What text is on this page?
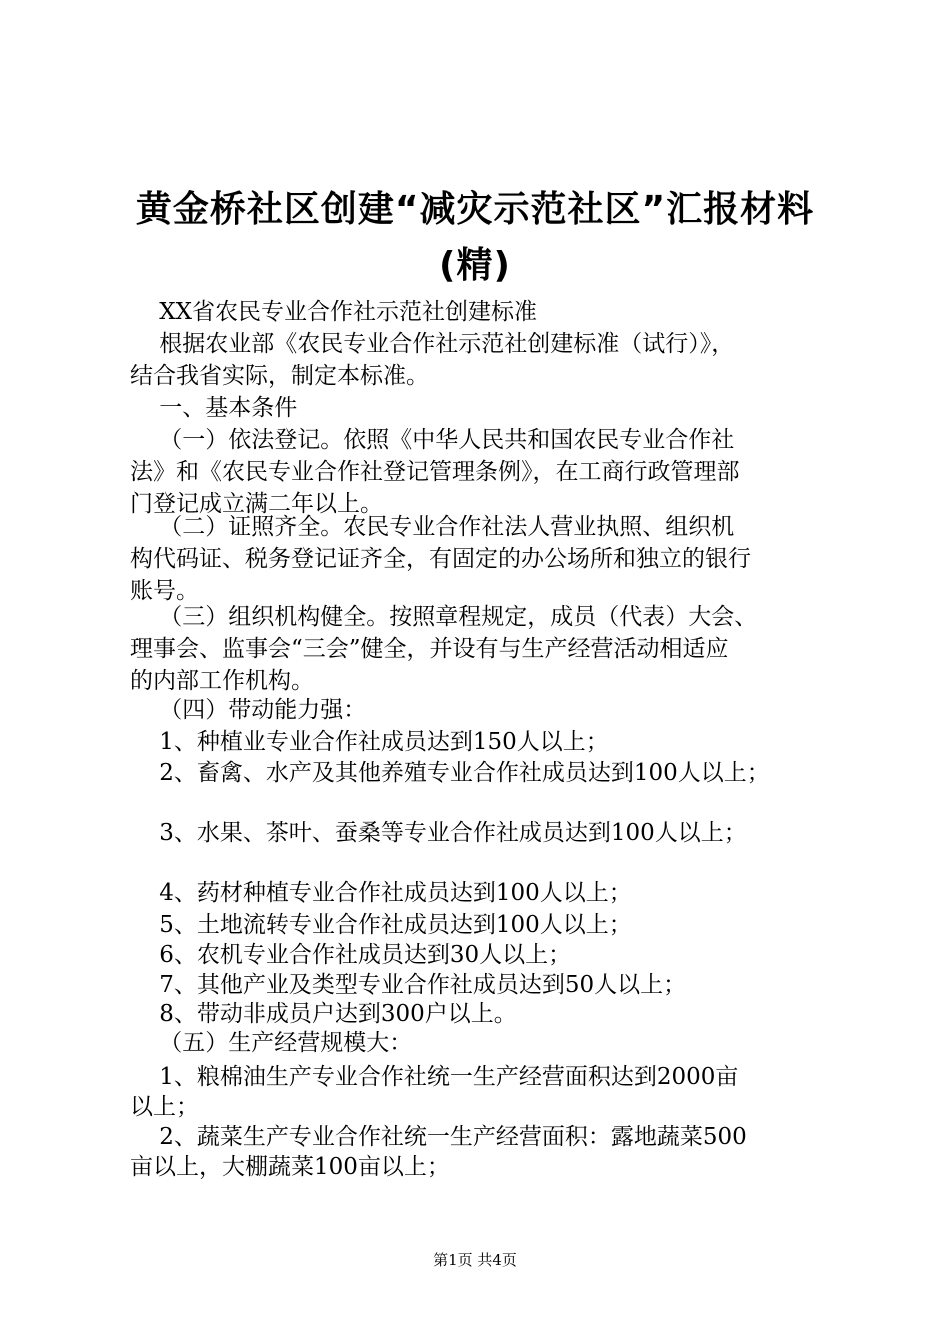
黄金桥社区创建“减灾示范社区”汇报材料
(精)
XX省农民专业合作社示范社创建标准
根据农业部《农民专业合作社示范社创建标准（试行）》，
结合我省实际，制定本标准。
一、基本条件
（一）依法登记。依照《中华人民共和国农民专业合作社
法》和《农民专业合作社登记管理条例》，在工商行政管理部
门登记成立满二年以上。
（二）证照齐全。农民专业合作社法人营业执照、组织机
构代码证、税务登记证齐全，有固定的办公场所和独立的银行
账号。
（三）组织机构健全。按照章程规定，成员（代表）大会、
理事会、监事会“三会”健全，并设有与生产经营活动相适应
的内部工作机构。
（四）带动能力强：
1、种植业专业合作社成员达到150人以上；
2、畜禽、水产及其他养殖专业合作社成员达到100人以上；
3、水果、茶叶、蚕桑等专业合作社成员达到100人以上；
4、药材种植专业合作社成员达到100人以上；
5、土地流转专业合作社成员达到100人以上；
6、农机专业合作社成员达到30人以上；
7、其他产业及类型专业合作社成员达到50人以上；
8、带动非成员户达到300户以上。
（五）生产经营规模大：
1、粮棉油生产专业合作社统一生产经营面积达到2000亩
以上；
2、蔬菜生产专业合作社统一生产经营面积：露地蔬菜500
亩以上，大棚蔬菜100亩以上；
第1页 共4页
